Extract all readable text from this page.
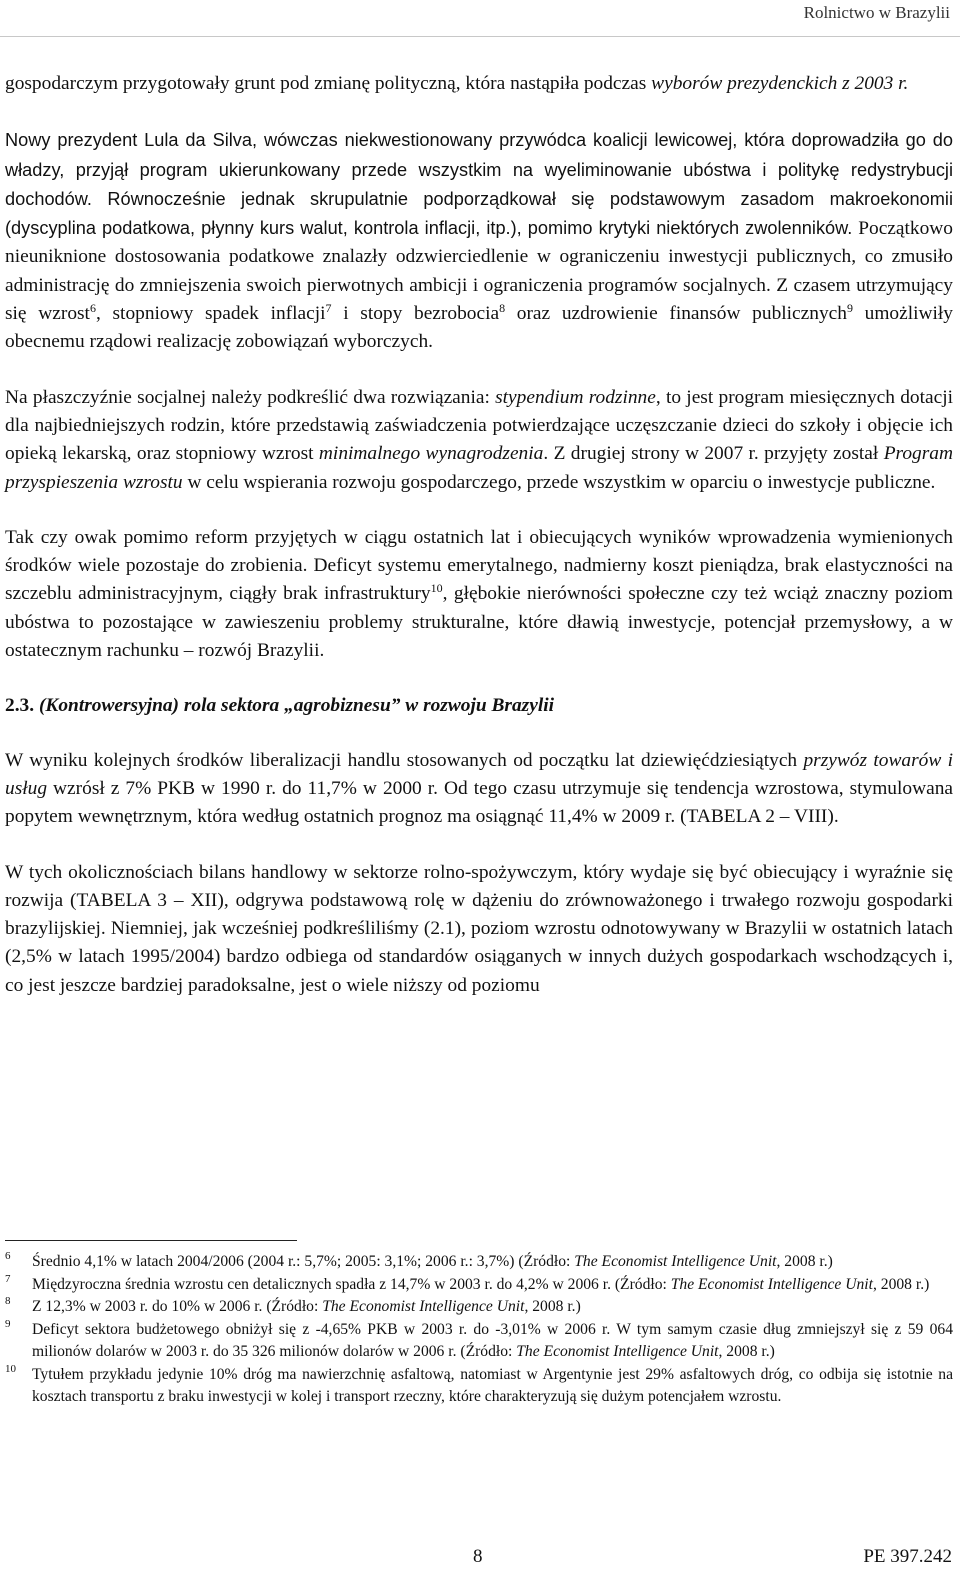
Rolnictwo w Brazylii

gospodarczym przygotowały grunt pod zmianę polityczną, która nastąpiła podczas wyborów prezydenckich z 2003 r.

Nowy prezydent Lula da Silva, wówczas niekwestionowany przywódca koalicji lewicowej, która doprowadziła go do władzy, przyjął program ukierunkowany przede wszystkim na wyeliminowanie ubóstwa i politykę redystrybucji dochodów. Równocześnie jednak skrupulatnie podporządkował się podstawowym zasadom makroekonomii (dyscyplina podatkowa, płynny kurs walut, kontrola inflacji, itp.), pomimo krytyki niektórych zwolenników. Początkowo nieuniknione dostosowania podatkowe znalazły odzwierciedlenie w ograniczeniu inwestycji publicznych, co zmusiło administrację do zmniejszenia swoich pierwotnych ambicji i ograniczenia programów socjalnych. Z czasem utrzymujący się wzrost$^6$, stopniowy spadek inflacji$^7$ i stopy bezrobocia$^8$ oraz uzdrowienie finansów publicznych$^9$ umożliwiły obecnemu rządowi realizację zobowiązań wyborczych.

Na płaszczyźnie socjalnej należy podkreślić dwa rozwiązania: stypendium rodzinne, to jest program miesięcznych dotacji dla najbiedniejszych rodzin, które przedstawią zaświadczenia potwierdzające uczęszczanie dzieci do szkoły i objęcie ich opieką lekarską, oraz stopniowy wzrost minimalnego wynagrodzenia. Z drugiej strony w 2007 r. przyjęty został Program przyspieszenia wzrostu w celu wspierania rozwoju gospodarczego, przede wszystkim w oparciu o inwestycje publiczne.

Tak czy owak pomimo reform przyjętych w ciągu ostatnich lat i obiecujących wyników wprowadzenia wymienionych środków wiele pozostaje do zrobienia. Deficyt systemu emerytalnego, nadmierny koszt pieniądza, brak elastyczności na szczeblu administracyjnym, ciągły brak infrastruktury$^{10}$, głębokie nierówności społeczne czy też wciąż znaczny poziom ubóstwa to pozostające w zawieszeniu problemy strukturalne, które dławią inwestycje, potencjał przemysłowy, a w ostatecznym rachunku – rozwój Brazylii.

2.3. (Kontrowersyjna) rola sektora „agrobiznesu” w rozwoju Brazylii

W wyniku kolejnych środków liberalizacji handlu stosowanych od początku lat dziewięćdziesiątych przywóz towarów i usług wzrósł z 7% PKB w 1990 r. do 11,7% w 2000 r. Od tego czasu utrzymuje się tendencja wzrostowa, stymulowana popytem wewnętrznym, która według ostatnich prognoz ma osiągnąć 11,4% w 2009 r. (TABELA 2 – VIII).

W tych okolicznościach bilans handlowy w sektorze rolno-spożywczym, który wydaje się być obiecujący i wyraźnie się rozwija (TABELA 3 – XII), odgrywa podstawową rolę w dążeniu do zrównoważonego i trwałego rozwoju gospodarki brazylijskiej. Niemniej, jak wcześniej podkreśliliśmy (2.1), poziom wzrostu odnotowywany w Brazylii w ostatnich latach (2,5% w latach 1995/2004) bardzo odbiega od standardów osiąganych w innych dużych gospodarkach wschodzących i, co jest jeszcze bardziej paradoksalne, jest o wiele niższy od poziomu

6 Średnio 4,1% w latach 2004/2006 (2004 r.: 5,7%; 2005: 3,1%; 2006 r.: 3,7%) (Źródło: The Economist Intelligence Unit, 2008 r.)
7 Międzyroczna średnia wzrostu cen detalicznych spadła z 14,7% w 2003 r. do 4,2% w 2006 r. (Źródło: The Economist Intelligence Unit, 2008 r.)
8 Z 12,3% w 2003 r. do 10% w 2006 r. (Źródło: The Economist Intelligence Unit, 2008 r.)
9 Deficyt sektora budżetowego obniżył się z -4,65% PKB w 2003 r. do -3,01% w 2006 r. W tym samym czasie dług zmniejszył się z 59 064 milionów dolarów w 2003 r. do 35 326 milionów dolarów w 2006 r. (Źródło: The Economist Intelligence Unit, 2008 r.)
10 Tytułem przykładu jedynie 10% dróg ma nawierzchnię asfaltową, natomiast w Argentynie jest 29% asfaltowych dróg, co odbija się istotnie na kosztach transportu z braku inwestycji w kolej i transport rzeczny, które charakteryzują się dużym potencjałem wzrostu.
8	PE 397.242
